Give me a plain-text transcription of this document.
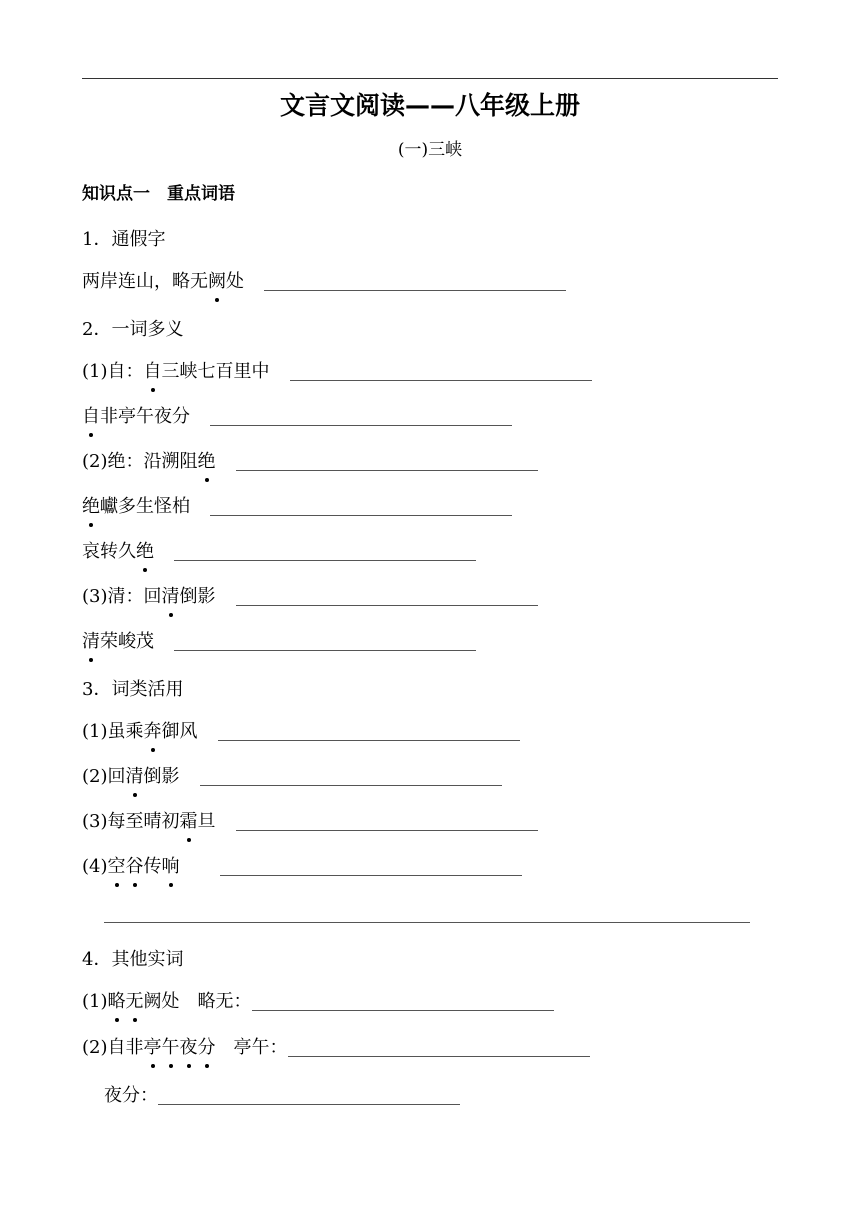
文言文阅读——八年级上册
(一)三峡
知识点一　重点词语
1．通假字
两岸连山，略无 阙 处
2．一词多义
(1)自： 自 三峡七百里中
自 非亭午夜分
(2)绝：沿溯阻 绝
绝 巘多生怪柏
哀转久 绝
(3)清：回 清 倒影
清 荣峻茂
3．词类活用
(1)虽乘 奔 御风
(2)回 清 倒影
(3)每至晴初 霜 旦
(4) 空 谷 传 响
4．其他实词
(1) 略 无 阙处　略无：
(2)自非 亭 午 夜 分 　亭午：
夜分：
